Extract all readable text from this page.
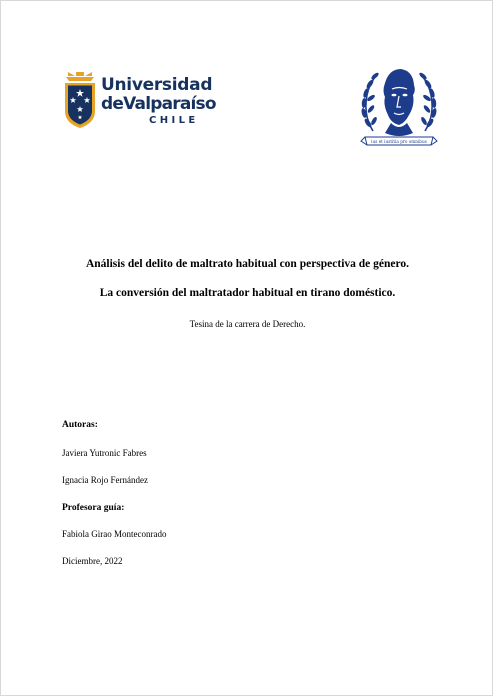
Universidad
deValparaíso
CHILE
ius et iustitia pro omnibus
Análisis del delito de maltrato habitual con perspectiva de género.
La conversión del maltratador habitual en tirano doméstico.
Tesina de la carrera de Derecho.
Autoras:
Javiera Yutronic Fabres
Ignacia Rojo Fernández
Profesora guía:
Fabiola Girao Monteconrado
Diciembre, 2022
